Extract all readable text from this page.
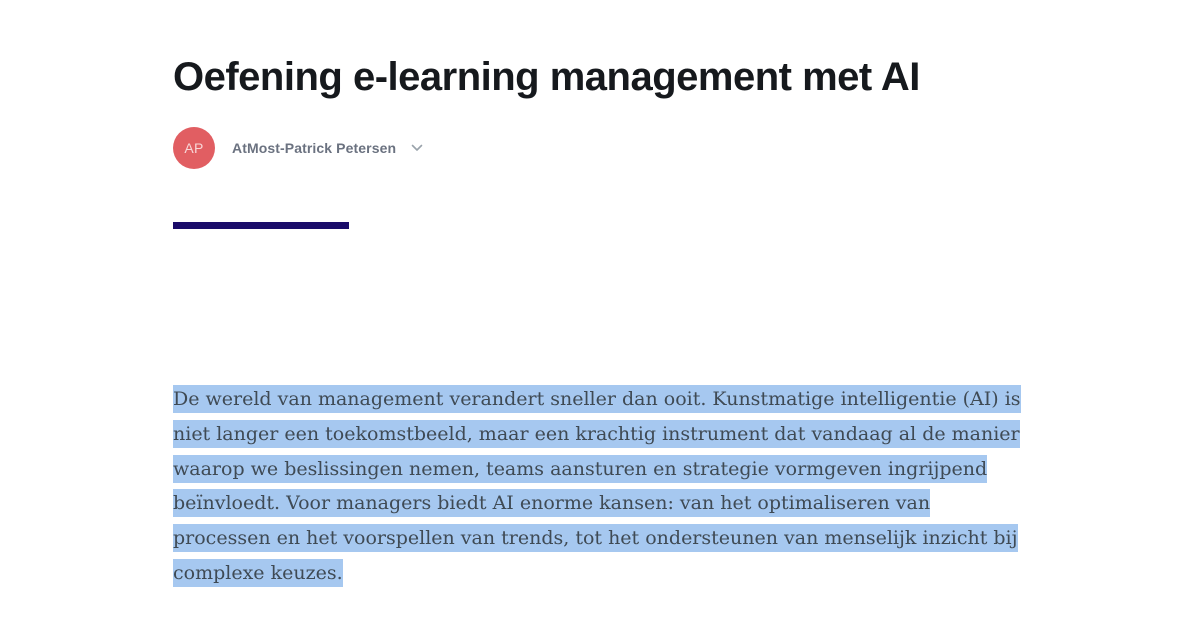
Oefening e-learning management met AI
AP AtMost-Patrick Petersen

De wereld van management verandert sneller dan ooit. Kunstmatige intelligentie (AI) is niet langer een toekomstbeeld, maar een krachtig instrument dat vandaag al de manier waarop we beslissingen nemen, teams aansturen en strategie vormgeven ingrijpend beïnvloedt. Voor managers biedt AI enorme kansen: van het optimaliseren van processen en het voorspellen van trends, tot het ondersteunen van menselijk inzicht bij complexe keuzes.
